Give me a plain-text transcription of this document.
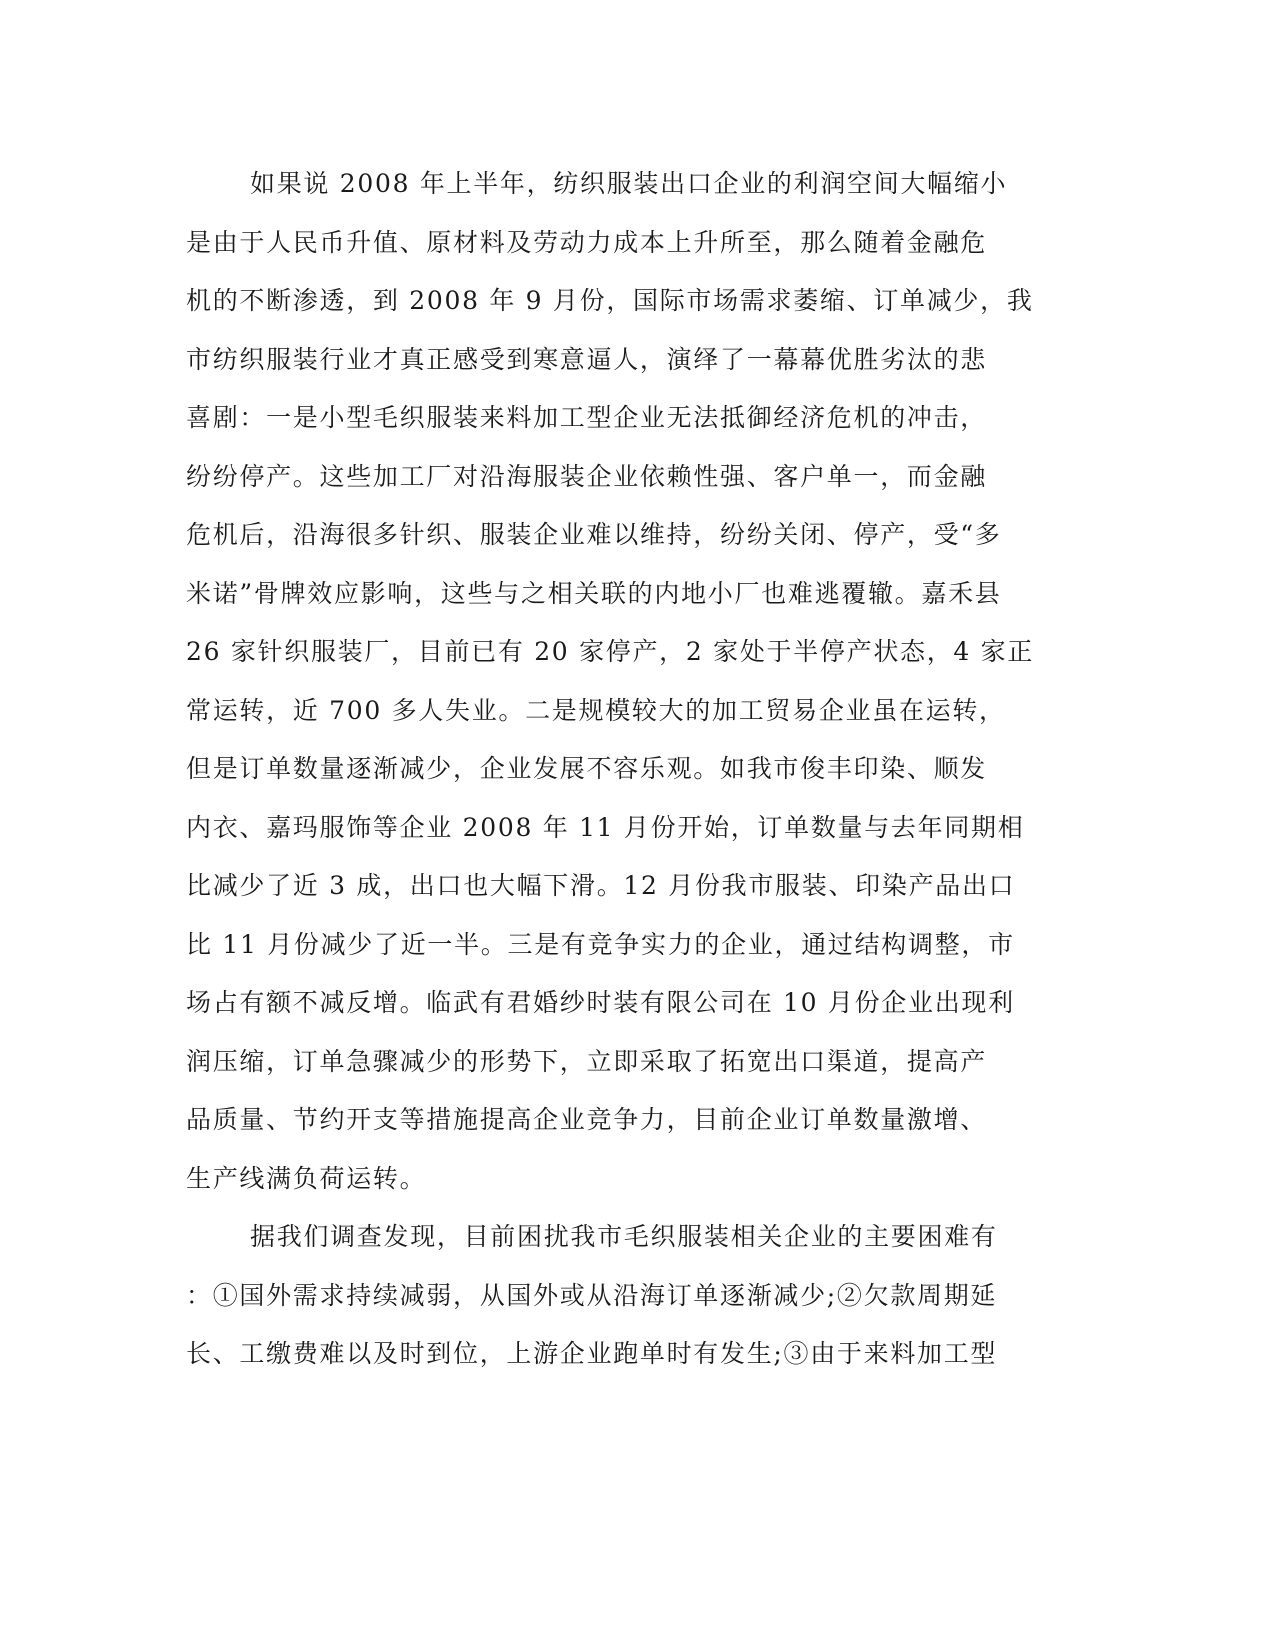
如果说 2008 年上半年，纺织服装出口企业的利润空间大幅缩小
是由于人民币升值、原材料及劳动力成本上升所至，那么随着金融危
机的不断渗透，到 2008 年 9 月份，国际市场需求萎缩、订单减少，我
市纺织服装行业才真正感受到寒意逼人，演绎了一幕幕优胜劣汰的悲
喜剧：一是小型毛织服装来料加工型企业无法抵御经济危机的冲击，
纷纷停产。这些加工厂对沿海服装企业依赖性强、客户单一，而金融
危机后，沿海很多针织、服装企业难以维持，纷纷关闭、停产，受“多
米诺”骨牌效应影响，这些与之相关联的内地小厂也难逃覆辙。嘉禾县
26 家针织服装厂，目前已有 20 家停产，2 家处于半停产状态，4 家正
常运转，近 700 多人失业。二是规模较大的加工贸易企业虽在运转，
但是订单数量逐渐减少，企业发展不容乐观。如我市俊丰印染、顺发
内衣、嘉玛服饰等企业 2008 年 11 月份开始，订单数量与去年同期相
比减少了近 3 成，出口也大幅下滑。12 月份我市服装、印染产品出口
比 11 月份减少了近一半。三是有竞争实力的企业，通过结构调整，市
场占有额不减反增。临武有君婚纱时装有限公司在 10 月份企业出现利
润压缩，订单急骤减少的形势下，立即采取了拓宽出口渠道，提高产
品质量、节约开支等措施提高企业竞争力，目前企业订单数量激增、
生产线满负荷运转。
据我们调查发现，目前困扰我市毛织服装相关企业的主要困难有
：①国外需求持续减弱，从国外或从沿海订单逐渐减少;②欠款周期延
长、工缴费难以及时到位，上游企业跑单时有发生;③由于来料加工型
